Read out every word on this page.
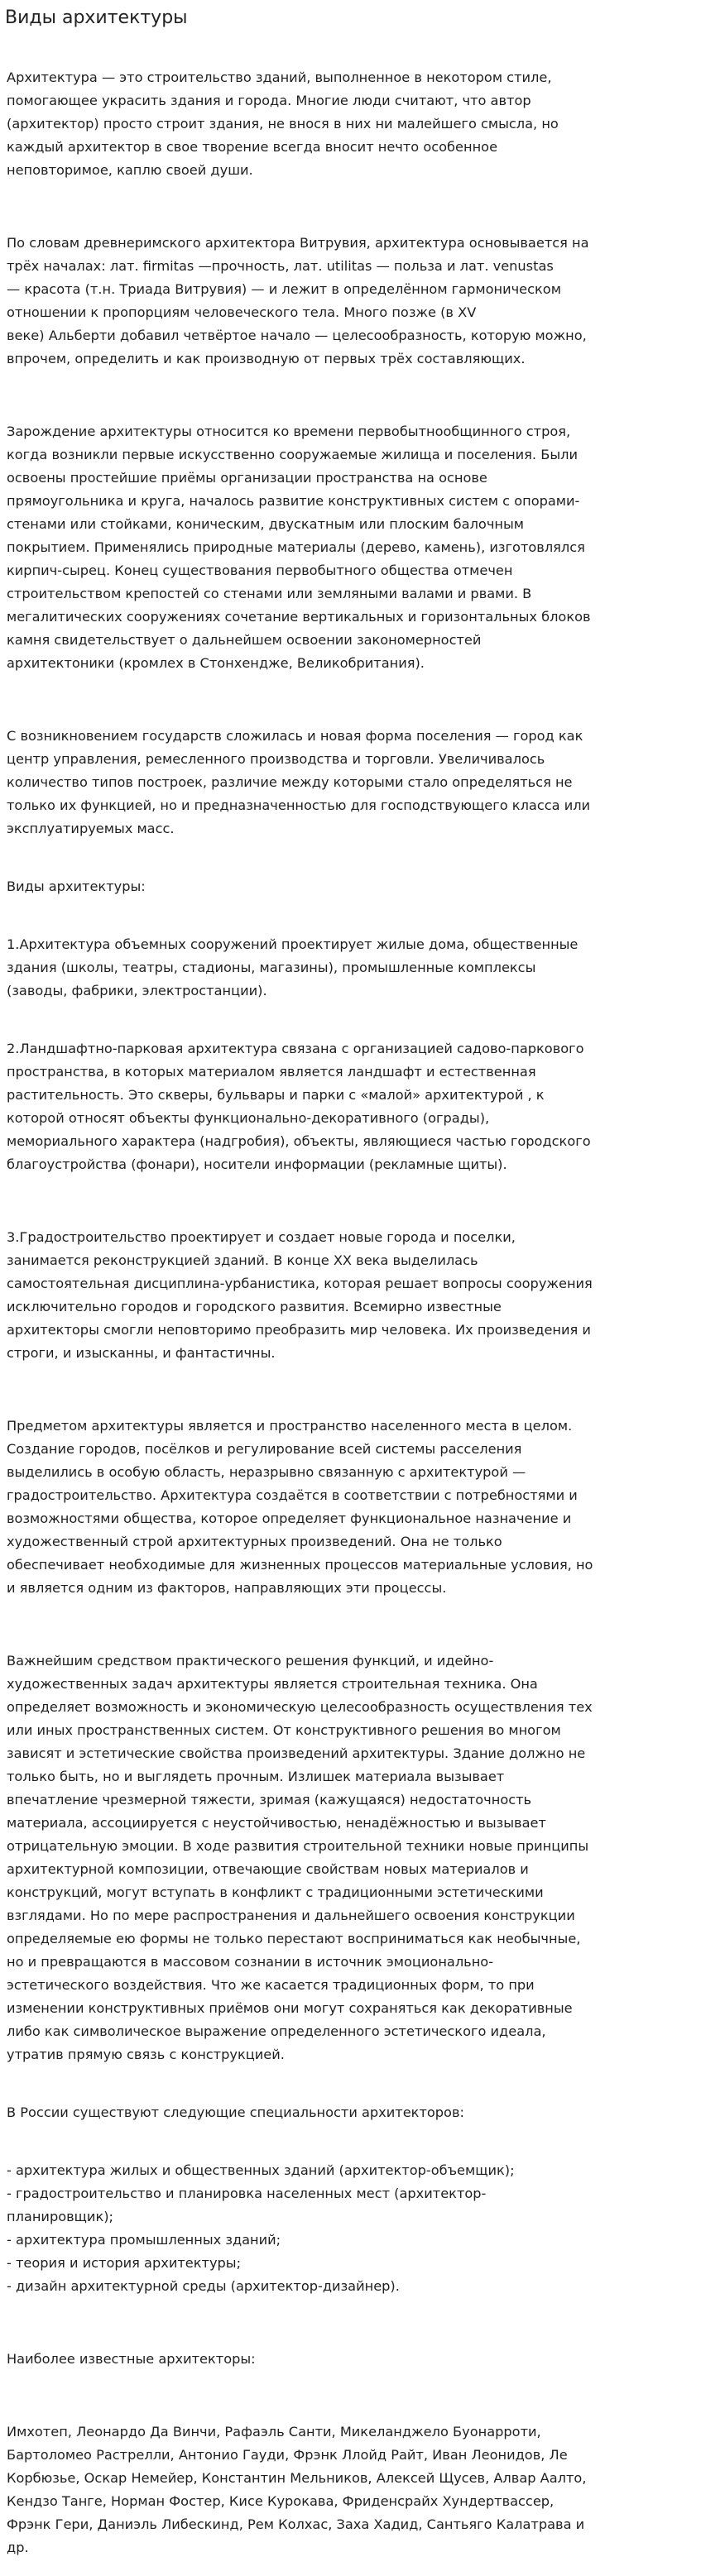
Виды архитектуры

Архитектура — это строительство зданий, выполненное в некотором стиле,
помогающее украсить здания и города. Многие люди считают, что автор
(архитектор) просто строит здания, не внося в них ни малейшего смысла, но
каждый архитектор в свое творение всегда вносит нечто особенное
неповторимое, каплю своей души.

По словам древнеримского архитектора Витрувия, архитектура основывается на
трёх началах: лат. firmitas —прочность, лат. utilitas — польза и лат. venustas
— красота (т.н. Триада Витрувия) — и лежит в определённом гармоническом
отношении к пропорциям человеческого тела. Много позже (в XV
веке) Альберти добавил четвёртое начало — целесообразность, которую можно,
впрочем, определить и как производную от первых трёх составляющих.

Зарождение архитектуры относится ко времени первобытнообщинного строя,
когда возникли первые искусственно сооружаемые жилища и поселения. Были
освоены простейшие приёмы организации пространства на основе
прямоугольника и круга, началось развитие конструктивных систем с опорами-
стенами или стойками, коническим, двускатным или плоским балочным
покрытием. Применялись природные материалы (дерево, камень), изготовлялся
кирпич-сырец. Конец существования первобытного общества отмечен
строительством крепостей со стенами или земляными валами и рвами. В
мегалитических сооружениях сочетание вертикальных и горизонтальных блоков
камня свидетельствует о дальнейшем освоении закономерностей
архитектоники (кромлех в Стонхендже, Великобритания).

С возникновением государств сложилась и новая форма поселения — город как
центр управления, ремесленного производства и торговли. Увеличивалось
количество типов построек, различие между которыми стало определяться не
только их функцией, но и предназначенностью для господствующего класса или
эксплуатируемых масс.

Виды архитектуры:

1.Архитектура объемных сооружений проектирует жилые дома, общественные
здания (школы, театры, стадионы, магазины), промышленные комплексы
(заводы, фабрики, электростанции).

2.Ландшафтно-парковая архитектура связана с организацией садово-паркового
пространства, в которых материалом является ландшафт и естественная
растительность. Это скверы, бульвары и парки с «малой» архитектурой , к
которой относят объекты функционально-декоративного (ограды),
мемориального характера (надгробия), объекты, являющиеся частью городского
благоустройства (фонари), носители информации (рекламные щиты).

3.Градостроительство проектирует и создает новые города и поселки,
занимается реконструкцией зданий. В конце XX века выделилась
самостоятельная дисциплина-урбанистика, которая решает вопросы сооружения
исключительно городов и городского развития. Всемирно известные
архитекторы смогли неповторимо преобразить мир человека. Их произведения и
строги, и изысканны, и фантастичны.

Предметом архитектуры является и пространство населенного места в целом.
Создание городов, посёлков и регулирование всей системы расселения
выделились в особую область, неразрывно связанную с архитектурой —
градостроительство. Архитектура создаётся в соответствии с потребностями и
возможностями общества, которое определяет функциональное назначение и
художественный строй архитектурных произведений. Она не только
обеспечивает необходимые для жизненных процессов материальные условия, но
и является одним из факторов, направляющих эти процессы.

Важнейшим средством практического решения функций, и идейно-
художественных задач архитектуры является строительная техника. Она
определяет возможность и экономическую целесообразность осуществления тех
или иных пространственных систем. От конструктивного решения во многом
зависят и эстетические свойства произведений архитектуры. Здание должно не
только быть, но и выглядеть прочным. Излишек материала вызывает
впечатление чрезмерной тяжести, зримая (кажущаяся) недостаточность
материала, ассоциируется с неустойчивостью, ненадёжностью и вызывает
отрицательную эмоции. В ходе развития строительной техники новые принципы
архитектурной композиции, отвечающие свойствам новых материалов и
конструкций, могут вступать в конфликт с традиционными эстетическими
взглядами. Но по мере распространения и дальнейшего освоения конструкции
определяемые ею формы не только перестают восприниматься как необычные,
но и превращаются в массовом сознании в источник эмоционально-
эстетического воздействия. Что же касается традиционных форм, то при
изменении конструктивных приёмов они могут сохраняться как декоративные
либо как символическое выражение определенного эстетического идеала,
утратив прямую связь с конструкцией.

В России существуют следующие специальности архитекторов:

- архитектура жилых и общественных зданий (архитектор-объемщик);
- градостроительство и планировка населенных мест (архитектор-
планировщик);
- архитектура промышленных зданий;
- теория и история архитектуры;
- дизайн архитектурной среды (архитектор-дизайнер).

Наиболее известные архитекторы:

Имхотеп, Леонардо Да Винчи, Рафаэль Санти, Микеланджело Буонарроти,
Бартоломео Растрелли, Антонио Гауди, Фрэнк Ллойд Райт, Иван Леонидов, Ле
Корбюзье, Оскар Немейер, Константин Мельников, Алексей Щусев, Алвар Аалто,
Кендзо Танге, Норман Фостер, Кисе Курокава, Фриденсрайх Хундертвассер,
Фрэнк Гери, Даниэль Либескинд, Рем Колхас, Заха Хадид, Сантьяго Калатрава и
др.
